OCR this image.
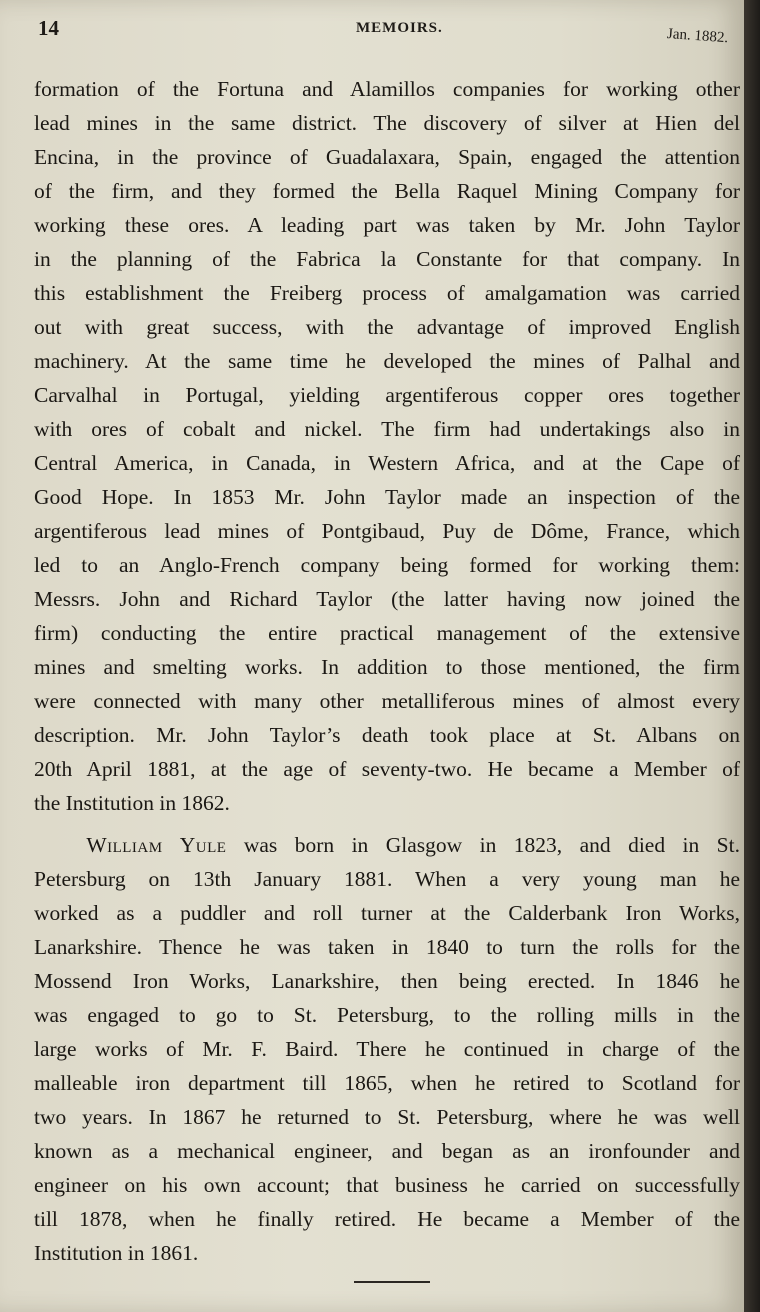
14	MEMOIRS.	Jan. 1882.
formation of the Fortuna and Alamillos companies for working other
lead mines in the same district. The discovery of silver at Hien del
Encina, in the province of Guadalaxara, Spain, engaged the attention
of the firm, and they formed the Bella Raquel Mining Company for
working these ores. A leading part was taken by Mr. John Taylor
in the planning of the Fabrica la Constante for that company. In
this establishment the Freiberg process of amalgamation was carried
out with great success, with the advantage of improved English
machinery. At the same time he developed the mines of Palhal and
Carvalhal in Portugal, yielding argentiferous copper ores together
with ores of cobalt and nickel. The firm had undertakings also in
Central America, in Canada, in Western Africa, and at the Cape of
Good Hope. In 1853 Mr. John Taylor made an inspection of the
argentiferous lead mines of Pontgibaud, Puy de Dôme, France, which
led to an Anglo-French company being formed for working them:
Messrs. John and Richard Taylor (the latter having now joined the
firm) conducting the entire practical management of the extensive
mines and smelting works. In addition to those mentioned, the firm
were connected with many other metalliferous mines of almost every
description. Mr. John Taylor’s death took place at St. Albans on
20th April 1881, at the age of seventy-two. He became a Member of
the Institution in 1862.
William Yule was born in Glasgow in 1823, and died in St.
Petersburg on 13th January 1881. When a very young man he
worked as a puddler and roll turner at the Calderbank Iron Works,
Lanarkshire. Thence he was taken in 1840 to turn the rolls for the
Mossend Iron Works, Lanarkshire, then being erected. In 1846 he
was engaged to go to St. Petersburg, to the rolling mills in the
large works of Mr. F. Baird. There he continued in charge of the
malleable iron department till 1865, when he retired to Scotland for
two years. In 1867 he returned to St. Petersburg, where he was well
known as a mechanical engineer, and began as an ironfounder and
engineer on his own account; that business he carried on successfully
till 1878, when he finally retired. He became a Member of the
Institution in 1861.
